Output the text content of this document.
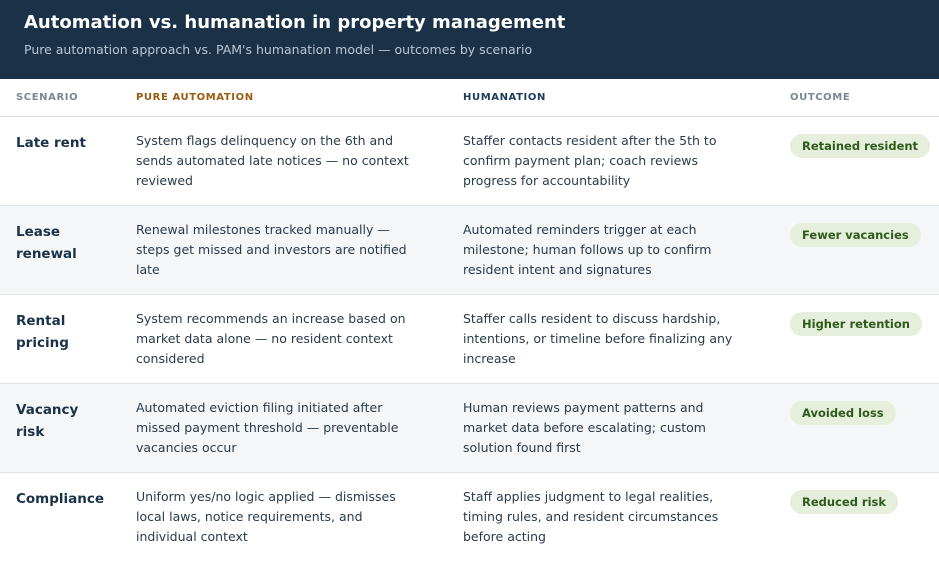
Automation vs. humanation in property management
Pure automation approach vs. PAM's humanation model — outcomes by scenario
SCENARIO	PURE AUTOMATION	HUMANATION	OUTCOME
Late rent	System flags delinquency on the 6th and sends automated late notices — no context reviewed	Staffer contacts resident after the 5th to confirm payment plan; coach reviews progress for accountability	Retained resident
Lease renewal	Renewal milestones tracked manually — steps get missed and investors are notified late	Automated reminders trigger at each milestone; human follows up to confirm resident intent and signatures	Fewer vacancies
Rental pricing	System recommends an increase based on market data alone — no resident context considered	Staffer calls resident to discuss hardship, intentions, or timeline before finalizing any increase	Higher retention
Vacancy risk	Automated eviction filing initiated after missed payment threshold — preventable vacancies occur	Human reviews payment patterns and market data before escalating; custom solution found first	Avoided loss
Compliance	Uniform yes/no logic applied — dismisses local laws, notice requirements, and individual context	Staff applies judgment to legal realities, timing rules, and resident circumstances before acting	Reduced risk
